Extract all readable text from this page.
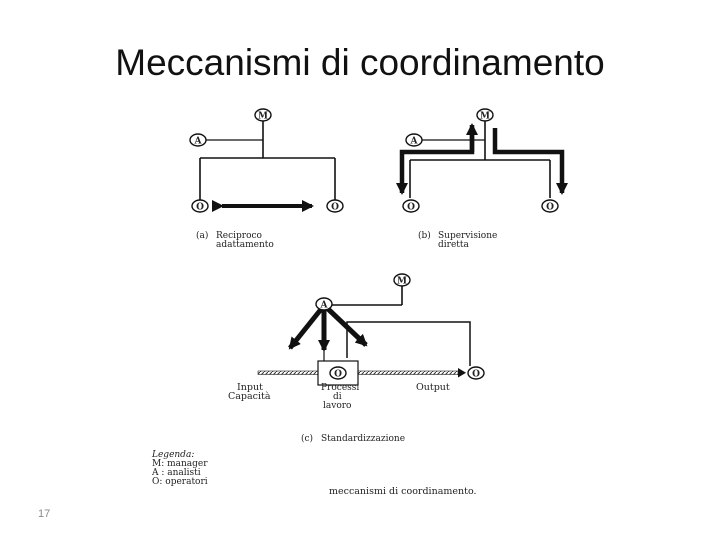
Meccanismi di coordinamento
M
A
O	O
(a) Reciproco
adattamento
M
A
O	O
(b) Supervisione
diretta
O
M
A
O
Input
Capacità
Processi
di
lavoro
Output
(c) Standardizzazione
Legenda:
M: manager
A : analisti
O: operatori
meccanismi di coordinamento.
17
